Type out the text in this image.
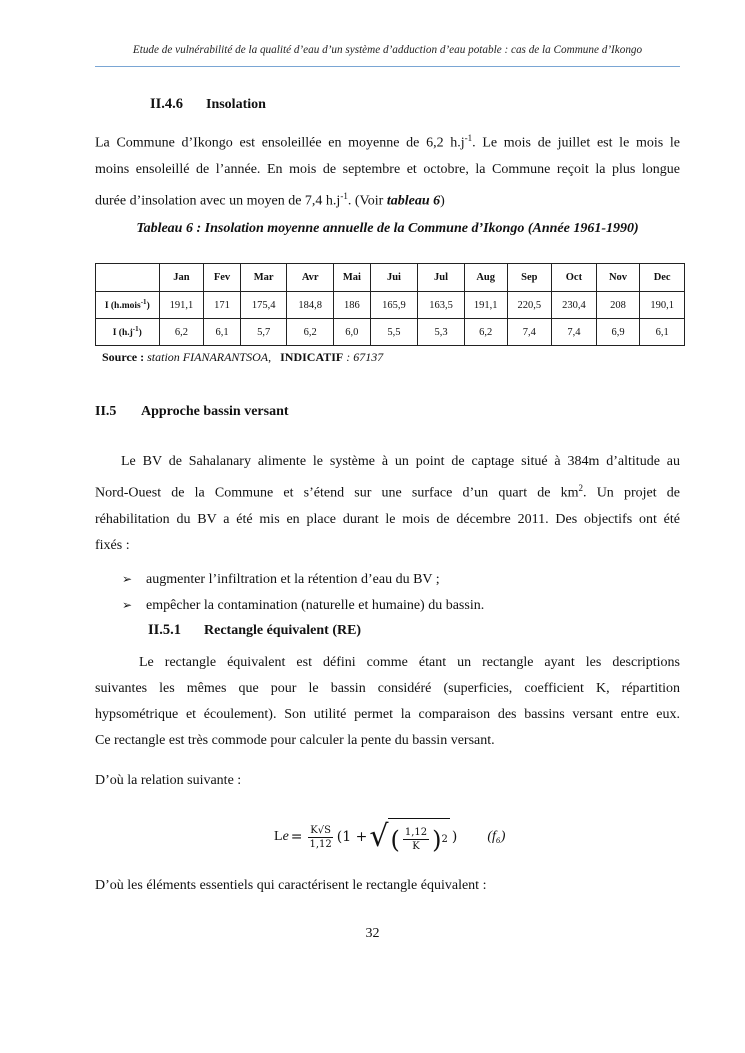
Etude de vulnérabilité de la qualité d’eau d’un système d’adduction d’eau potable : cas de la Commune d’Ikongo
II.4.6 Insolation
La Commune d’Ikongo est ensoleillée en moyenne de 6,2 $h.j^{-1}$. Le mois de juillet est le mois le
moins ensoleillé de l’année. En mois de septembre et octobre, la Commune reçoit la plus longue
durée d’insolation avec un moyen de 7,4 $h.j^{-1}$. (Voir tableau 6)
Tableau 6 : Insolation moyenne annuelle de la Commune d’Ikongo (Année 1961-1990)
	Jan	Fev	Mar	Avr	Mai	Jui	Jul	Aug	Sep	Oct	Nov	Dec
I (h.mois$^{-1}$)	191,1	171	175,4	184,8	186	165,9	163,5	191,1	220,5	230,4	208	190,1
I $(h.j^{-1})$	6,2	6,1	5,7	6,2	6,0	5,5	5,3	6,2	7,4	7,4	6,9	6,1
Source : station FIANARANTSOA, INDICATIF : 67137
II.5 Approche bassin versant
Le BV de Sahalanary alimente le système à un point de captage situé à 384m d’altitude au
Nord-Ouest de la Commune et s’étend sur une surface d’un quart de $km^2$. Un projet de
réhabilitation du BV a été mis en place durant le mois de décembre 2011. Des objectifs ont été
fixés :
➢ augmenter l’infiltration et la rétention d’eau du BV ;
➢ empêcher la contamination (naturelle et humaine) du bassin.
II.5.1 Rectangle équivalent (RE)
Le rectangle équivalent est défini comme étant un rectangle ayant les descriptions
suivantes les mêmes que pour le bassin considéré (superficies, coefficient K, répartition
hypsométrique et écoulement). Son utilité permet la comparaison des bassins versant entre eux.
Ce rectangle est très commode pour calculer la pente du bassin versant.
D’où la relation suivante :
$Le = \frac{K√S}{1,12} (1$ + √ ( $\frac{1,12}{K}$ ) 2 ) (f₆)
D’où les éléments essentiels qui caractérisent le rectangle équivalent :
32
